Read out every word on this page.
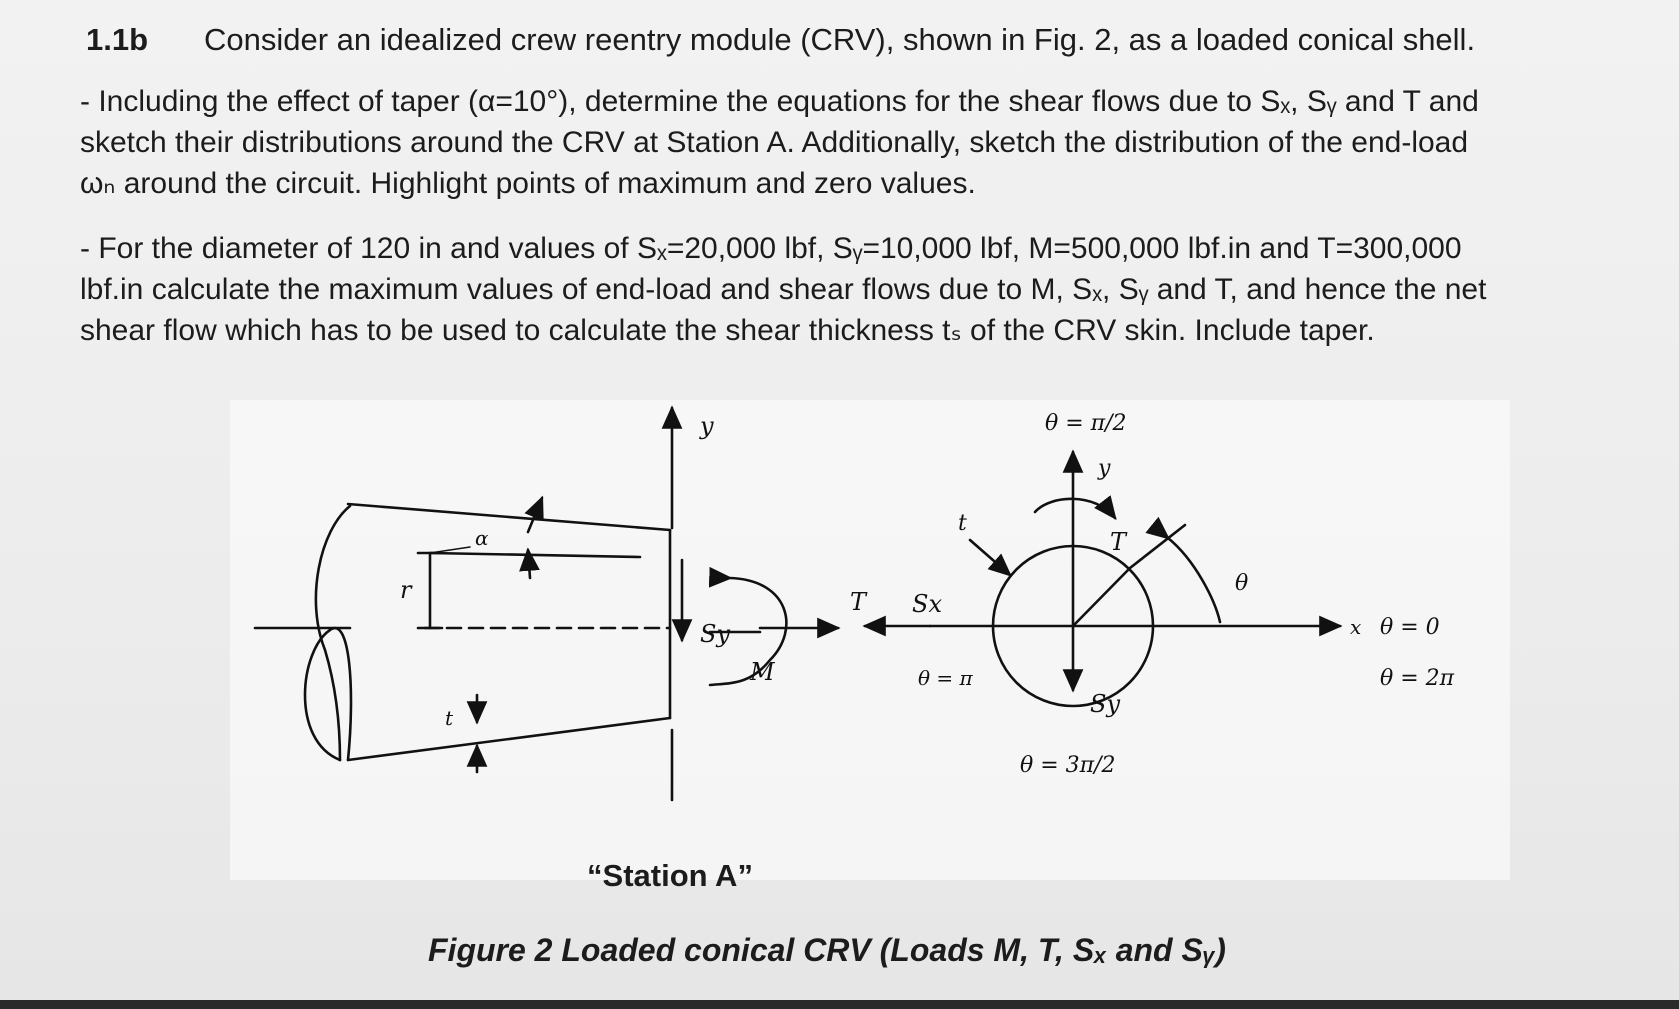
1.1b Consider an idealized crew reentry module (CRV), shown in Fig. 2, as a loaded conical shell.
- Including the effect of taper (α=10°), determine the equations for the shear flows due to Sₓ, Sᵧ and T and
sketch their distributions around the CRV at Station A. Additionally, sketch the distribution of the end-load
ωₙ around the circuit. Highlight points of maximum and zero values.
- For the diameter of 120 in and values of Sₓ=20,000 lbf, Sᵧ=10,000 lbf, M=500,000 lbf.in and T=300,000
lbf.in calculate the maximum values of end-load and shear flows due to M, Sₓ, Sᵧ and T, and hence the net
shear flow which has to be used to calculate the shear thickness tₛ of the CRV skin. Include taper.
y
r
α
t
Sy
M
T Sx
θ = π/2
y
T
t
θ
θ = π
Sy
θ = 3π/2
x θ = 0
θ = 2π
“Station A”
Figure 2 Loaded conical CRV (Loads M, T, Sₓ and Sᵧ)
